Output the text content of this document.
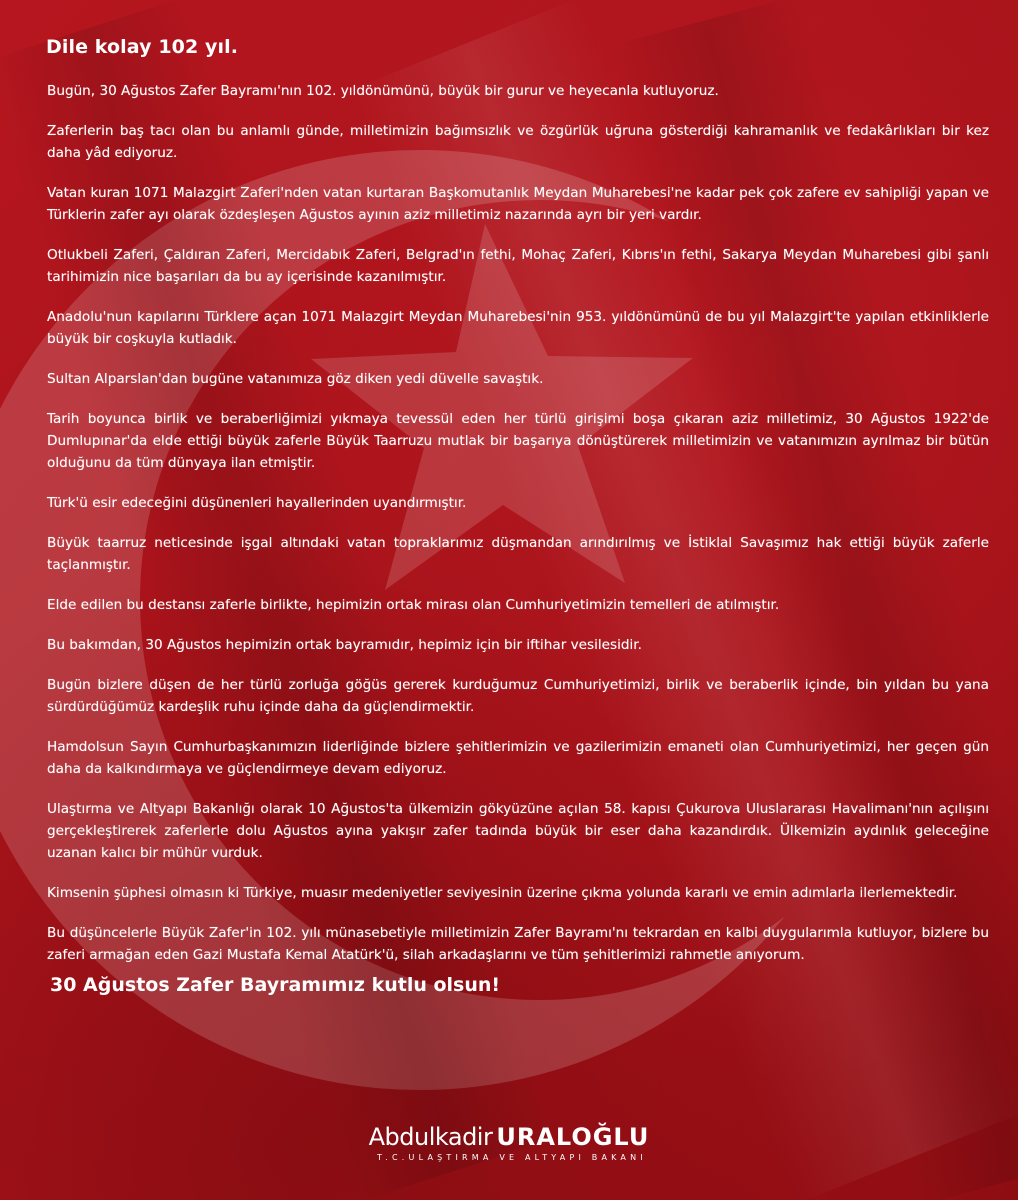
Dile kolay 102 yıl.
Bugün, 30 Ağustos Zafer Bayramı'nın 102. yıldönümünü, büyük bir gurur ve heyecanla kutluyoruz.
Zaferlerin baş tacı olan bu anlamlı günde, milletimizin bağımsızlık ve özgürlük uğruna gösterdiği kahramanlık ve fedakârlıkları bir kez daha yâd ediyoruz.
Vatan kuran 1071 Malazgirt Zaferi'nden vatan kurtaran Başkomutanlık Meydan Muharebesi'ne kadar pek çok zafere ev sahipliği yapan ve Türklerin zafer ayı olarak özdeşleşen Ağustos ayının aziz milletimiz nazarında ayrı bir yeri vardır.
Otlukbeli Zaferi, Çaldıran Zaferi, Mercidabık Zaferi, Belgrad'ın fethi, Mohaç Zaferi, Kıbrıs'ın fethi, Sakarya Meydan Muharebesi gibi şanlı tarihimizin nice başarıları da bu ay içerisinde kazanılmıştır.
Anadolu'nun kapılarını Türklere açan 1071 Malazgirt Meydan Muharebesi'nin 953. yıldönümünü de bu yıl Malazgirt'te yapılan etkinliklerle büyük bir coşkuyla kutladık.
Sultan Alparslan'dan bugüne vatanımıza göz diken yedi düvelle savaştık.
Tarih boyunca birlik ve beraberliğimizi yıkmaya tevessül eden her türlü girişimi boşa çıkaran aziz milletimiz, 30 Ağustos 1922'de Dumlupınar'da elde ettiği büyük zaferle Büyük Taarruzu mutlak bir başarıya dönüştürerek milletimizin ve vatanımızın ayrılmaz bir bütün olduğunu da tüm dünyaya ilan etmiştir.
Türk'ü esir edeceğini düşünenleri hayallerinden uyandırmıştır.
Büyük taarruz neticesinde işgal altındaki vatan topraklarımız düşmandan arındırılmış ve İstiklal Savaşımız hak ettiği büyük zaferle taçlanmıştır.
Elde edilen bu destansı zaferle birlikte, hepimizin ortak mirası olan Cumhuriyetimizin temelleri de atılmıştır.
Bu bakımdan, 30 Ağustos hepimizin ortak bayramıdır, hepimiz için bir iftihar vesilesidir.
Bugün bizlere düşen de her türlü zorluğa göğüs gererek kurduğumuz Cumhuriyetimizi, birlik ve beraberlik içinde, bin yıldan bu yana sürdürdüğümüz kardeşlik ruhu içinde daha da güçlendirmektir.
Hamdolsun Sayın Cumhurbaşkanımızın liderliğinde bizlere şehitlerimizin ve gazilerimizin emaneti olan Cumhuriyetimizi, her geçen gün daha da kalkındırmaya ve güçlendirmeye devam ediyoruz.
Ulaştırma ve Altyapı Bakanlığı olarak 10 Ağustos'ta ülkemizin gökyüzüne açılan 58. kapısı Çukurova Uluslararası Havalimanı'nın açılışını gerçekleştirerek zaferlerle dolu Ağustos ayına yakışır zafer tadında büyük bir eser daha kazandırdık. Ülkemizin aydınlık geleceğine uzanan kalıcı bir mühür vurduk.
Kimsenin şüphesi olmasın ki Türkiye, muasır medeniyetler seviyesinin üzerine çıkma yolunda kararlı ve emin adımlarla ilerlemektedir.
Bu düşüncelerle Büyük Zafer'in 102. yılı münasebetiyle milletimizin Zafer Bayramı'nı tekrardan en kalbi duygularımla kutluyor, bizlere bu zaferi armağan eden Gazi Mustafa Kemal Atatürk'ü, silah arkadaşlarını ve tüm şehitlerimizi rahmetle anıyorum.
30 Ağustos Zafer Bayramımız kutlu olsun!
Abdulkadir URALOĞLU
T.C.ULAŞTIRMA VE ALTYAPI BAKANI
